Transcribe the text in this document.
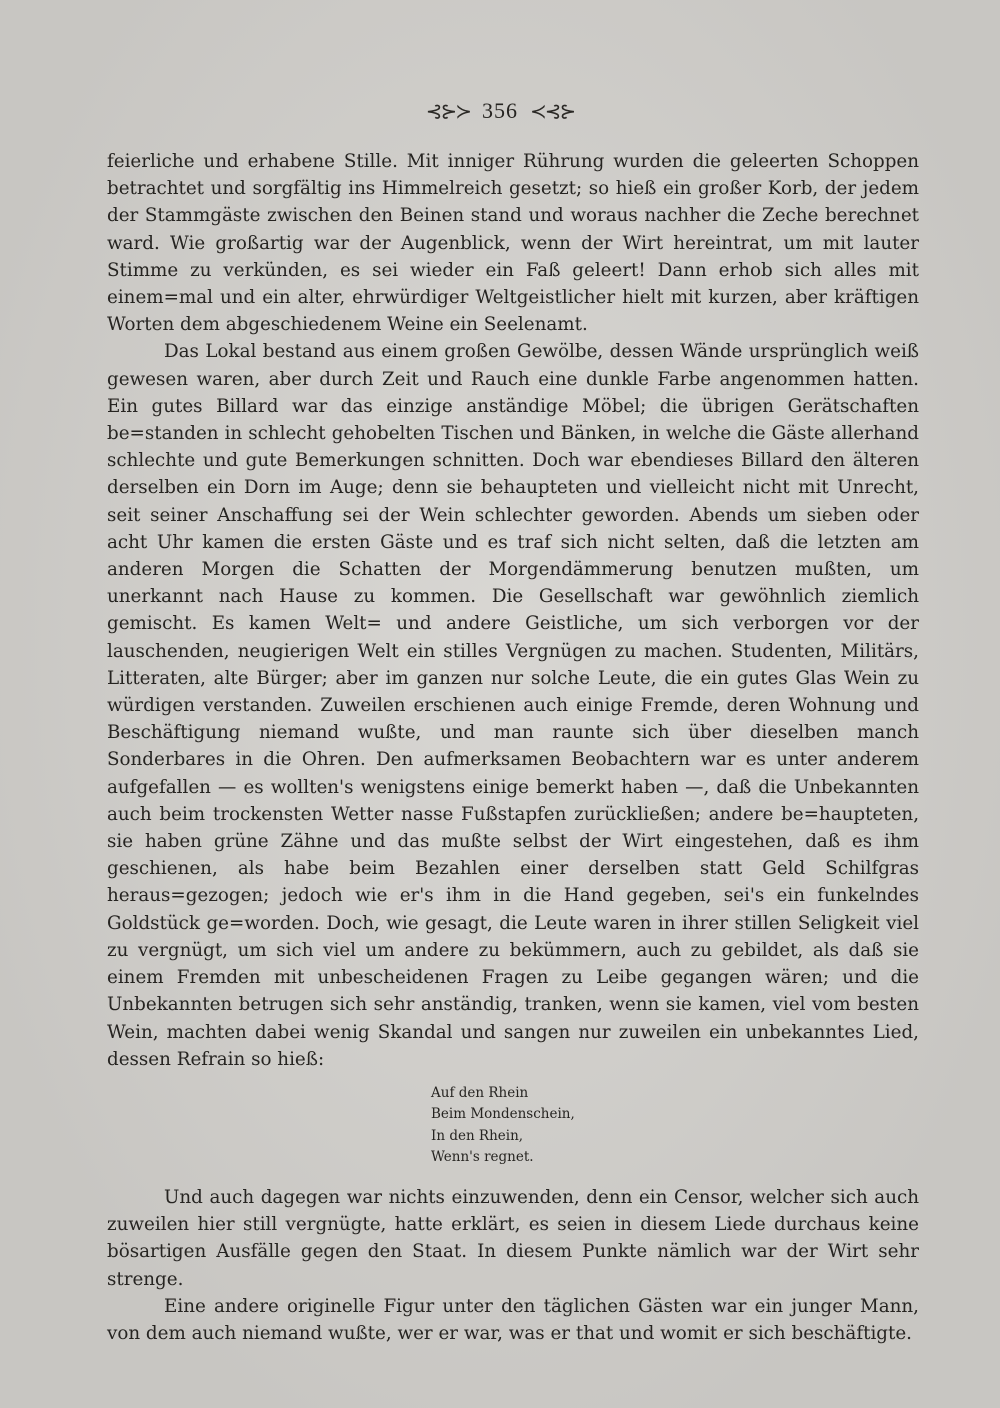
⊰⊱≻ 356 ≺⊰⊱

feierliche und erhabene Stille. Mit inniger Rührung wurden die geleerten Schoppen betrachtet und sorgfältig ins Himmelreich gesetzt; so hieß ein großer Korb, der jedem der Stammgäste zwischen den Beinen stand und woraus nachher die Zeche berechnet ward. Wie großartig war der Augenblick, wenn der Wirt hereintrat, um mit lauter Stimme zu verkünden, es sei wieder ein Faß geleert! Dann erhob sich alles mit einem=mal und ein alter, ehrwürdiger Weltgeistlicher hielt mit kurzen, aber kräftigen Worten dem abgeschiedenem Weine ein Seelenamt.

Das Lokal bestand aus einem großen Gewölbe, dessen Wände ursprünglich weiß gewesen waren, aber durch Zeit und Rauch eine dunkle Farbe angenommen hatten. Ein gutes Billard war das einzige anständige Möbel; die übrigen Gerätschaften be=standen in schlecht gehobelten Tischen und Bänken, in welche die Gäste allerhand schlechte und gute Bemerkungen schnitten. Doch war ebendieses Billard den älteren derselben ein Dorn im Auge; denn sie behaupteten und vielleicht nicht mit Unrecht, seit seiner Anschaffung sei der Wein schlechter geworden. Abends um sieben oder acht Uhr kamen die ersten Gäste und es traf sich nicht selten, daß die letzten am anderen Morgen die Schatten der Morgendämmerung benutzen mußten, um unerkannt nach Hause zu kommen. Die Gesellschaft war gewöhnlich ziemlich gemischt. Es kamen Welt= und andere Geistliche, um sich verborgen vor der lauschenden, neugierigen Welt ein stilles Vergnügen zu machen. Studenten, Militärs, Litteraten, alte Bürger; aber im ganzen nur solche Leute, die ein gutes Glas Wein zu würdigen verstanden. Zuweilen erschienen auch einige Fremde, deren Wohnung und Beschäftigung niemand wußte, und man raunte sich über dieselben manch Sonderbares in die Ohren. Den aufmerksamen Beobachtern war es unter anderem aufgefallen — es wollten's wenigstens einige bemerkt haben —, daß die Unbekannten auch beim trockensten Wetter nasse Fußstapfen zurückließen; andere be=haupteten, sie haben grüne Zähne und das mußte selbst der Wirt eingestehen, daß es ihm geschienen, als habe beim Bezahlen einer derselben statt Geld Schilfgras heraus=gezogen; jedoch wie er's ihm in die Hand gegeben, sei's ein funkelndes Goldstück ge=worden. Doch, wie gesagt, die Leute waren in ihrer stillen Seligkeit viel zu vergnügt, um sich viel um andere zu bekümmern, auch zu gebildet, als daß sie einem Fremden mit unbescheidenen Fragen zu Leibe gegangen wären; und die Unbekannten betrugen sich sehr anständig, tranken, wenn sie kamen, viel vom besten Wein, machten dabei wenig Skandal und sangen nur zuweilen ein unbekanntes Lied, dessen Refrain so hieß:

Auf den Rhein
Beim Mondenschein,
In den Rhein,
Wenn's regnet.

Und auch dagegen war nichts einzuwenden, denn ein Censor, welcher sich auch zuweilen hier still vergnügte, hatte erklärt, es seien in diesem Liede durchaus keine bösartigen Ausfälle gegen den Staat. In diesem Punkte nämlich war der Wirt sehr strenge.

Eine andere originelle Figur unter den täglichen Gästen war ein junger Mann, von dem auch niemand wußte, wer er war, was er that und womit er sich beschäftigte.
